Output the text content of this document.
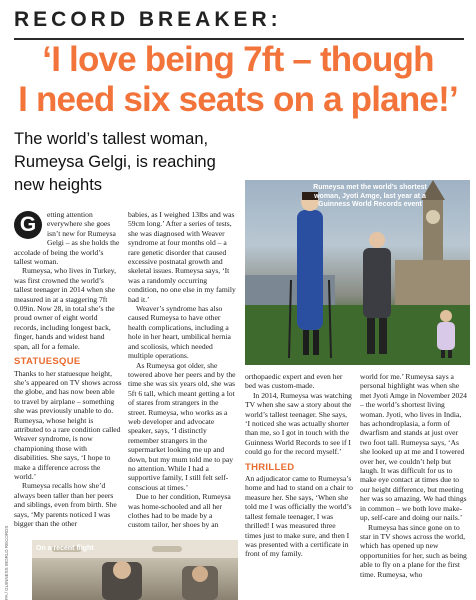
RECORD BREAKER:
‘I love being 7ft – though
I need six seats on a plane!’
The world’s tallest woman, Rumeysa Gelgi, is reaching new heights

G	etting attention everywhere she goes isn’t new for Rumeysa Gelgi – as she holds the accolade of being the world’s tallest woman.

Rumeysa, who lives in Turkey, was first crowned the world’s tallest teenager in 2014 when she measured in at a staggering 7ft 0.09in. Now 28, in total she’s the proud owner of eight world records, including longest back, finger, hands and widest hand span, all for a female.

STATUESQUE

Thanks to her statuesque height, she’s appeared on TV shows across the globe, and has now been able to travel by airplane – something she was previously unable to do. Rumeysa, whose height is attributed to a rare condition called Weaver syndrome, is now championing those with disabilities. She says, ‘I hope to make a difference across the world.’

Rumeysa recalls how she’d always been taller than her peers and siblings, even from birth. She says, ‘My parents noticed I was bigger than the other

babies, as I weighed 13lbs and was 59cm long.’ After a series of tests, she was diagnosed with Weaver syndrome at four months old – a rare genetic disorder that caused excessive postnatal growth and skeletal issues. Rumeysa says, ‘It was a randomly occurring condition, no one else in my family had it.’

Weaver’s syndrome has also caused Rumeysa to have other health complications, including a hole in her heart, umbilical hernia and scoliosis, which needed multiple operations.

As Rumeysa got older, she towered above her peers and by the time she was six years old, she was 5ft 6 tall, which meant getting a lot of stares from strangers in the street. Rumeysa, who works as a web developer and advocate speaker, says, ‘I distinctly remember strangers in the supermarket looking me up and down, but my mum told me to pay no attention. While I had a supportive family, I still felt self-conscious at times.’

Due to her condition, Rumeysa was home-schooled and all her clothes had to be made by a custom tailor, her shoes by an

Rumeysa met the world’s shortest woman, Jyoti Amge, last year at a Guinness World Records event

orthopaedic expert and even her bed was custom-made.

In 2014, Rumeysa was watching TV when she saw a story about the world’s tallest teenager. She says, ‘I noticed she was actually shorter than me, so I got in touch with the Guinness World Records to see if I could go for the record myself.’

THRILLED

An adjudicator came to Rumeysa’s home and had to stand on a chair to measure her. She says, ‘When she told me I was officially the world’s tallest female teenager, I was thrilled! I was measured three times just to make sure, and then I was presented with a certificate in front of my family.

world for me.’ Rumeysa says a personal highlight was when she met Jyoti Amge in November 2024 – the world’s shortest living woman. Jyoti, who lives in India, has achondroplasia, a form of dwarfism and stands at just over two foot tall. Rumeysa says, ‘As she looked up at me and I towered over her, we couldn’t help but laugh. It was difficult for us to make eye contact at times due to our height difference, but meeting her was so amazing. We had things in common – we both love make-up, self-care and doing our nails.’

Rumeysa has since gone on to star in TV shows across the world, which has opened up new opportunities for her, such as being able to fly on a plane for the first time. Rumeysa, who

On a recent flight
PA / GUINNESS WORLD RECORDS
